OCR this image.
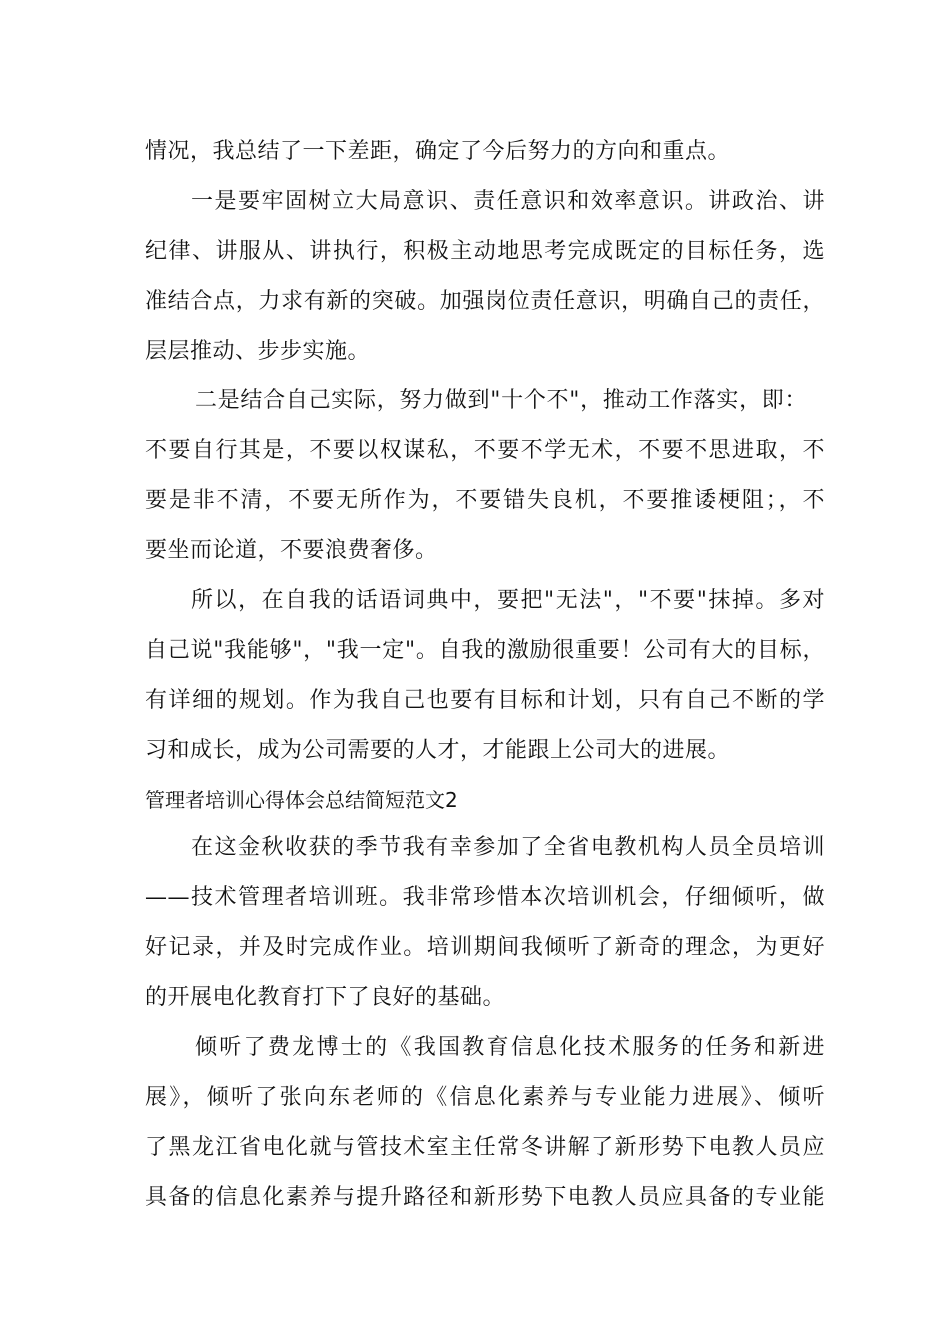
情况，我总结了一下差距，确定了今后努力的方向和重点。
一是要牢固树立大局意识、责任意识和效率意识。讲政治、讲
纪律、讲服从、讲执行，积极主动地思考完成既定的目标任务，选
准结合点，力求有新的突破。加强岗位责任意识，明确自己的责任，
层层推动、步步实施。
二是结合自己实际，努力做到"十个不"，推动工作落实，即：
不要自行其是，不要以权谋私，不要不学无术，不要不思进取，不
要是非不清，不要无所作为，不要错失良机，不要推诿梗阻；，不
要坐而论道，不要浪费奢侈。
所以，在自我的话语词典中，要把"无法"，"不要"抹掉。多对
自己说"我能够"，"我一定"。自我的激励很重要！公司有大的目标，
有详细的规划。作为我自己也要有目标和计划，只有自己不断的学
习和成长，成为公司需要的人才，才能跟上公司大的进展。
管理者培训心得体会总结简短范文2
在这金秋收获的季节我有幸参加了全省电教机构人员全员培训
——技术管理者培训班。我非常珍惜本次培训机会，仔细倾听，做
好记录，并及时完成作业。培训期间我倾听了新奇的理念，为更好
的开展电化教育打下了良好的基础。
倾听了费龙博士的《我国教育信息化技术服务的任务和新进
展》，倾听了张向东老师的《信息化素养与专业能力进展》、倾听
了黑龙江省电化就与管技术室主任常冬讲解了新形势下电教人员应
具备的信息化素养与提升路径和新形势下电教人员应具备的专业能
